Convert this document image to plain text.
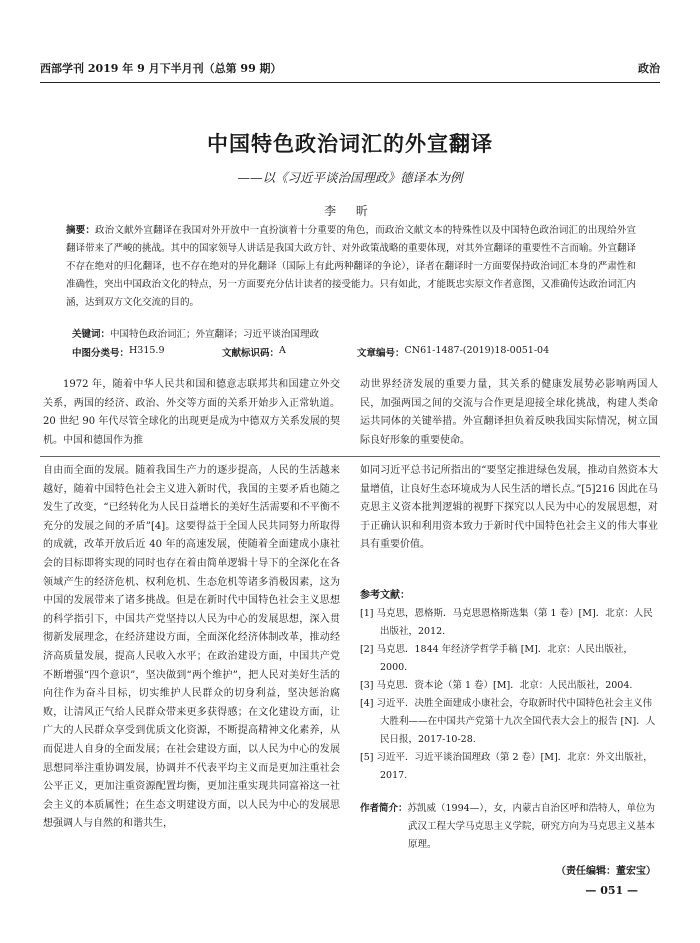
西部学刊 2019 年 9 月下半月刊（总第 99 期）	政治
中国特色政治词汇的外宣翻译
——以《习近平谈治国理政》德译本为例
李 昕
摘要：政治文献外宣翻译在我国对外开放中一直扮演着十分重要的角色，而政治文献文本的特殊性以及中国特色政治词汇的出现给外宣翻译带来了严峻的挑战。其中的国家领导人讲话是我国大政方针、对外政策战略的重要体现，对其外宣翻译的重要性不言而喻。外宣翻译不存在绝对的归化翻译，也不存在绝对的异化翻译（国际上有此两种翻译的争论），译者在翻译时一方面要保持政治词汇本身的严肃性和准确性，突出中国政治文化的特点，另一方面要充分估计读者的接受能力。只有如此，才能既忠实原文作者意图，又准确传达政治词汇内涵，达到双方文化交流的目的。
关键词：中国特色政治词汇；外宣翻译；习近平谈治国理政
中图分类号： H315.9	文献标识码： A	文章编号： CN61-1487-(2019)18-0051-04
1972 年，随着中华人民共和国和德意志联邦共和国建立外交关系，两国的经济、政治、外交等方面的关系开始步入正常轨道。20 世纪 90 年代尽管全球化的出现更是成为中德双方关系发展的契机。中国和德国作为推
动世界经济发展的重要力量，其关系的健康发展势必影响两国人民，加强两国之间的交流与合作更是迎接全球化挑战，构建人类命运共同体的关键举措。外宣翻译担负着反映我国实际情况，树立国际良好形象的重要使命。
自由而全面的发展。随着我国生产力的逐步提高，人民的生活越来越好，随着中国特色社会主义进入新时代，我国的主要矛盾也随之发生了改变，“已经转化为人民日益增长的美好生活需要和不平衡不充分的发展之间的矛盾”[4]。这要得益于全国人民共同努力所取得的成就，改革开放后近 40 年的高速发展，使随着全面建成小康社会的目标即将实现的同时也存在着由简单逻辑十导下的全深化在各领域产生的经济危机、权利危机、生态危机等诸多消极因素，这为中国的发展带来了诸多挑战。但是在新时代中国特色社会主义思想的科学指引下，中国共产党坚持以人民为中心的发展思想，深入贯彻新发展理念，在经济建设方面，全面深化经济体制改革，推动经济高质量发展，提高人民收入水平；在政治建设方面，中国共产党不断增强“四个意识”，坚决做到“两个维护”，把人民对美好生活的向往作为奋斗目标，切实维护人民群众的切身利益，坚决惩治腐败，让清风正气给人民群众带来更多获得感；在文化建设方面，让广大的人民群众享受到优质文化资源，不断提高精神文化素养，从而促进人自身的全面发展；在社会建设方面，以人民为中心的发展思想同举注重协调发展，协调并不代表平均主义而是更加注重社会公平正义，更加注重资源配置均衡，更加注重实现共同富裕这一社会主义的本质属性；在生态文明建设方面，以人民为中心的发展思想强调人与自然的和谐共生，
如同习近平总书记所指出的“要坚定推进绿色发展，推动自然资本大量增值，让良好生态环境成为人民生活的增长点。”[5]216 因此在马克思主义资本批判逻辑的视野下探究以人民为中心的发展思想，对于正确认识和利用资本致力于新时代中国特色社会主义的伟大事业具有重要价值。
参考文献：
[1] 马克思，恩格斯．马克思恩格斯选集（第 1 卷）[M]．北京：人民出版社，2012.
[2] 马克思．1844 年经济学哲学手稿 [M]．北京：人民出版社，2000.
[3] 马克思．资本论（第 1 卷）[M]．北京：人民出版社，2004.
[4] 习近平．决胜全面建成小康社会，夺取新时代中国特色社会主义伟大胜利——在中国共产党第十九次全国代表大会上的报告 [N]．人民日报，2017-10-28.
[5] 习近平．习近平谈治国理政（第 2 卷）[M]．北京：外文出版社，2017.
作者简介：苏凯威（1994—），女，内蒙古自治区呼和浩特人，单位为武汉工程大学马克思主义学院，研究方向为马克思主义基本原理。
（责任编辑：董宏宝）
— 051 —
